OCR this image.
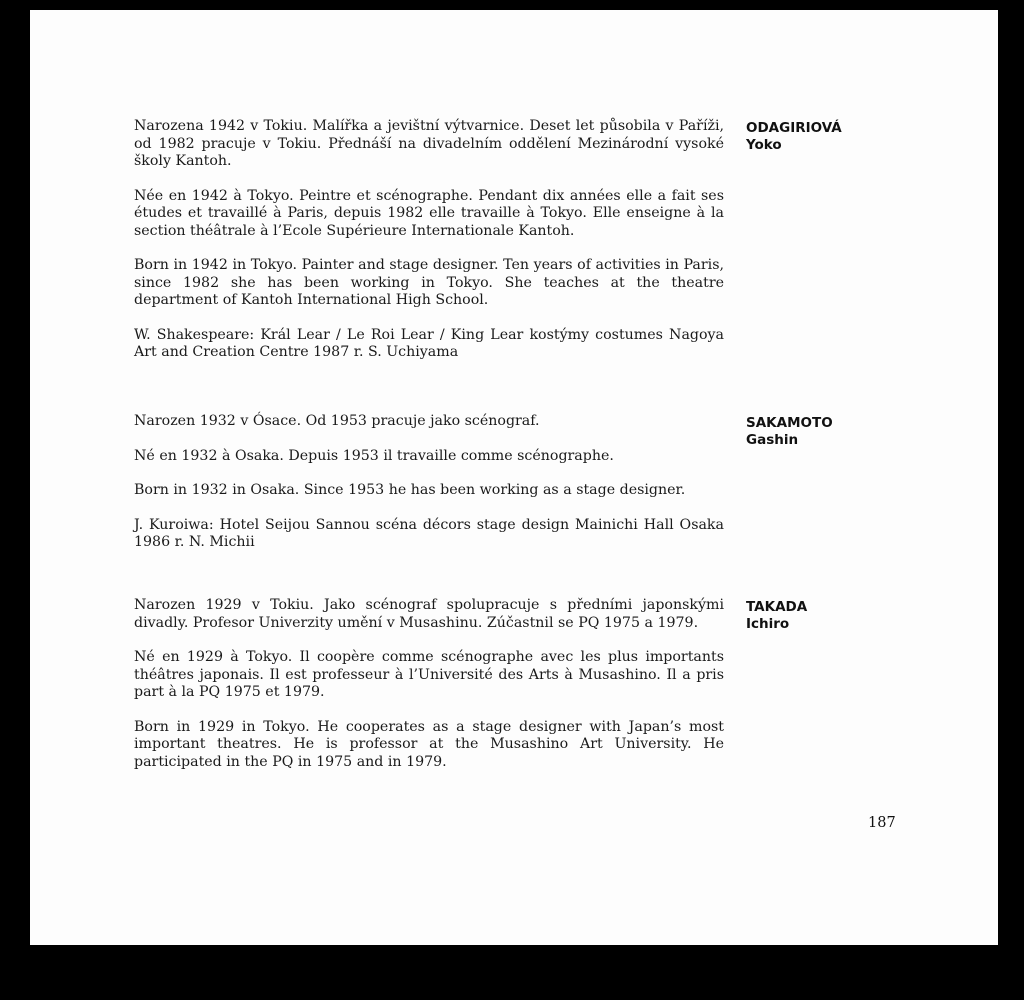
Narozena 1942 v Tokiu. Malířka a jevištní výtvarnice. Deset let působila v Paříži, od 1982 pracuje v Tokiu. Přednáší na divadelním oddělení Mezinárodní vysoké školy Kantoh.

Née en 1942 à Tokyo. Peintre et scénographe. Pendant dix années elle a fait ses études et travaillé à Paris, depuis 1982 elle travaille à Tokyo. Elle enseigne à la section théâtrale à l’Ecole Supérieure Internationale Kantoh.

Born in 1942 in Tokyo. Painter and stage designer. Ten years of activities in Paris, since 1982 she has been working in Tokyo. She teaches at the theatre department of Kantoh International High School.

W. Shakespeare: Král Lear / Le Roi Lear / King Lear kostýmy costumes Nagoya Art and Creation Centre 1987 r. S. Uchiyama

ODAGIRIOVÁ
Yoko

Narozen 1932 v Ósace. Od 1953 pracuje jako scénograf.

Né en 1932 à Osaka. Depuis 1953 il travaille comme scénographe.

Born in 1932 in Osaka. Since 1953 he has been working as a stage designer.

J. Kuroiwa: Hotel Seijou Sannou scéna décors stage design Mainichi Hall Osaka 1986 r. N. Michii

SAKAMOTO
Gashin

Narozen 1929 v Tokiu. Jako scénograf spolupracuje s předními japonskými divadly. Profesor Univerzity umění v Musashinu. Zúčastnil se PQ 1975 a 1979.

Né en 1929 à Tokyo. Il coopère comme scénographe avec les plus importants théâtres japonais. Il est professeur à l’Université des Arts à Musashino. Il a pris part à la PQ 1975 et 1979.

Born in 1929 in Tokyo. He cooperates as a stage designer with Japan’s most important theatres. He is professor at the Musashino Art University. He participated in the PQ in 1975 and in 1979.

TAKADA
Ichiro
187
